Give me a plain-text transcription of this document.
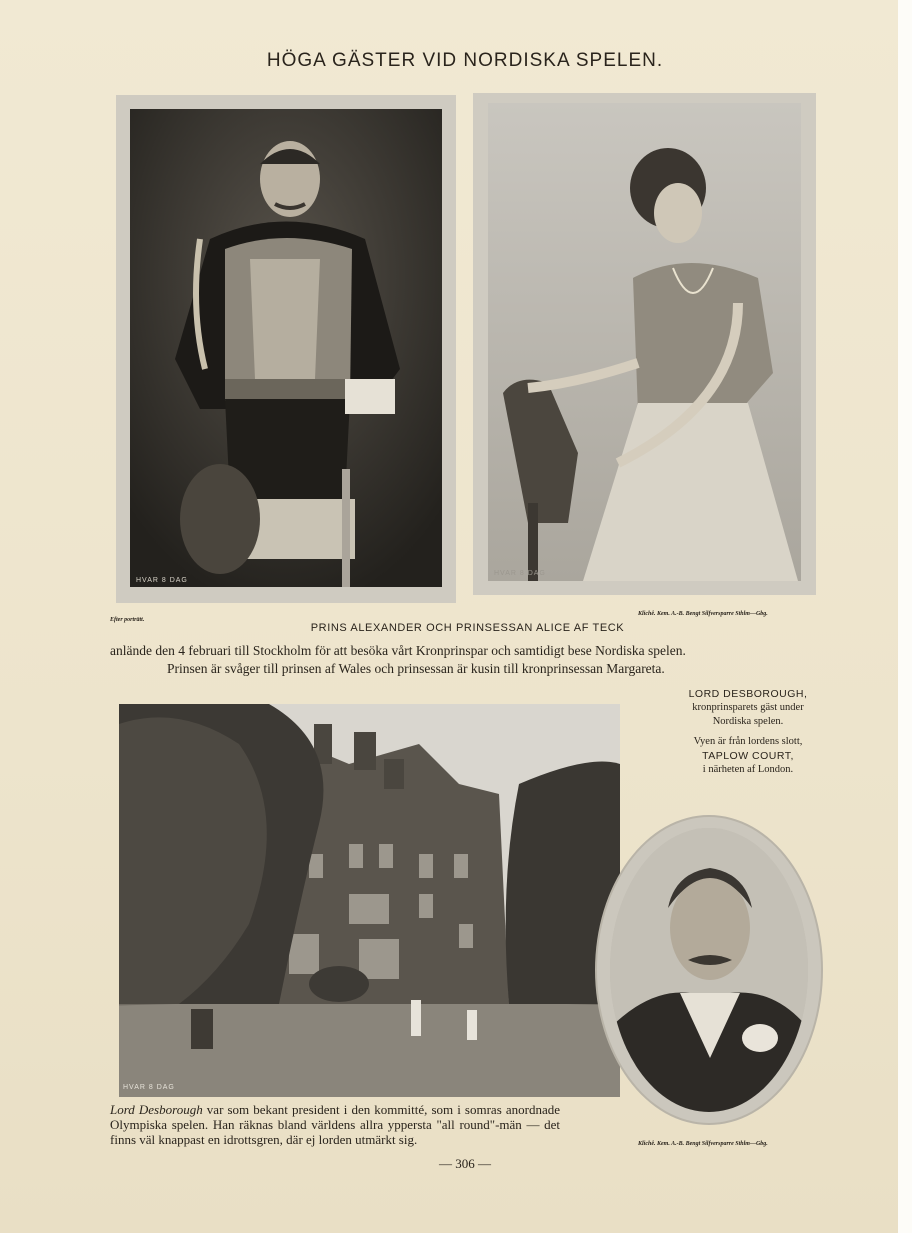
HÖGA GÄSTER VID NORDISKA SPELEN.
HVAR 8 DAG
HVAR 8 DAG
Efter porträtt.
Klichê. Kem. A.-B. Bengt Silfversparre Sthlm—Gbg.
PRINS ALEXANDER OCH PRINSESSAN ALICE AF TECK
anlände den 4 februari till Stockholm för att besöka vårt Kronprinspar och samtidigt bese Nordiska spelen.
Prinsen är svåger till prinsen af Wales och prinsessan är kusin till kronprinsessan Margareta.
LORD DESBOROUGH,
kronprinsparets gäst under
Nordiska spelen.
Vyen är från lordens slott,
TAPLOW COURT,
i närheten af London.
HVAR 8 DAG
Lord Desborough var som bekant president i den kommitté, som i somras anordnade Olympiska spelen. Han räknas bland världens allra yppersta "all round"-män — det finns väl knappast en idrottsgren, där ej lorden utmärkt sig.	Klichê. Kem. A.-B. Bengt Silfversparre Sthlm—Gbg.
— 306 —
